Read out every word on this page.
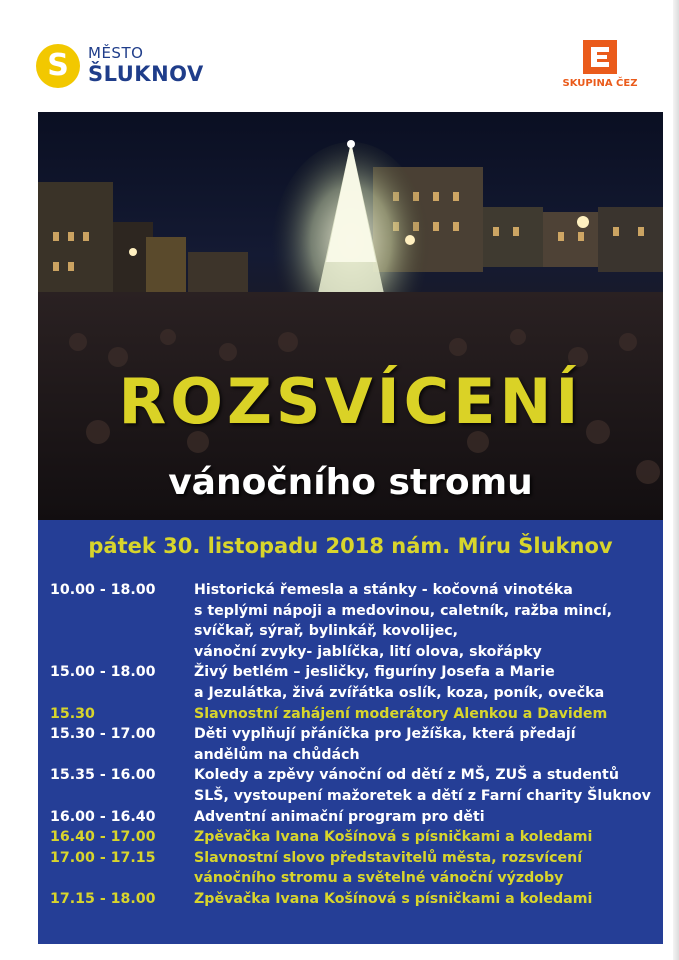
S	MĚSTO
ŠLUKNOV	SKUPINA ČEZ
ROZSVÍCENÍ
vánočního stromu
pátek 30. listopadu 2018 nám. Míru Šluknov
10.00 - 18.00	Historická řemesla a stánky - kočovná vinotéka
s teplými nápoji a medovinou, caletník, ražba mincí,
svíčkař, sýrař, bylinkář, kovolijec,
vánoční zvyky- jablíčka, lití olova, skořápky
15.00 - 18.00	Živý betlém – jesličky, figuríny Josefa a Marie
a Jezulátka, živá zvířátka oslík, koza, poník, ovečka
15.30	Slavnostní zahájení moderátory Alenkou a Davidem
15.30 - 17.00	Děti vyplňují přáníčka pro Ježíška, která předají
andělům na chůdách
15.35 - 16.00	Koledy a zpěvy vánoční od dětí z MŠ, ZUŠ a studentů
SLŠ, vystoupení mažoretek a dětí z Farní charity Šluknov
16.00 - 16.40	Adventní animační program pro děti
16.40 - 17.00	Zpěvačka Ivana Košínová s písničkami a koledami
17.00 - 17.15	Slavnostní slovo představitelů města, rozsvícení
vánočního stromu a světelné vánoční výzdoby
17.15 - 18.00	Zpěvačka Ivana Košínová s písničkami a koledami
